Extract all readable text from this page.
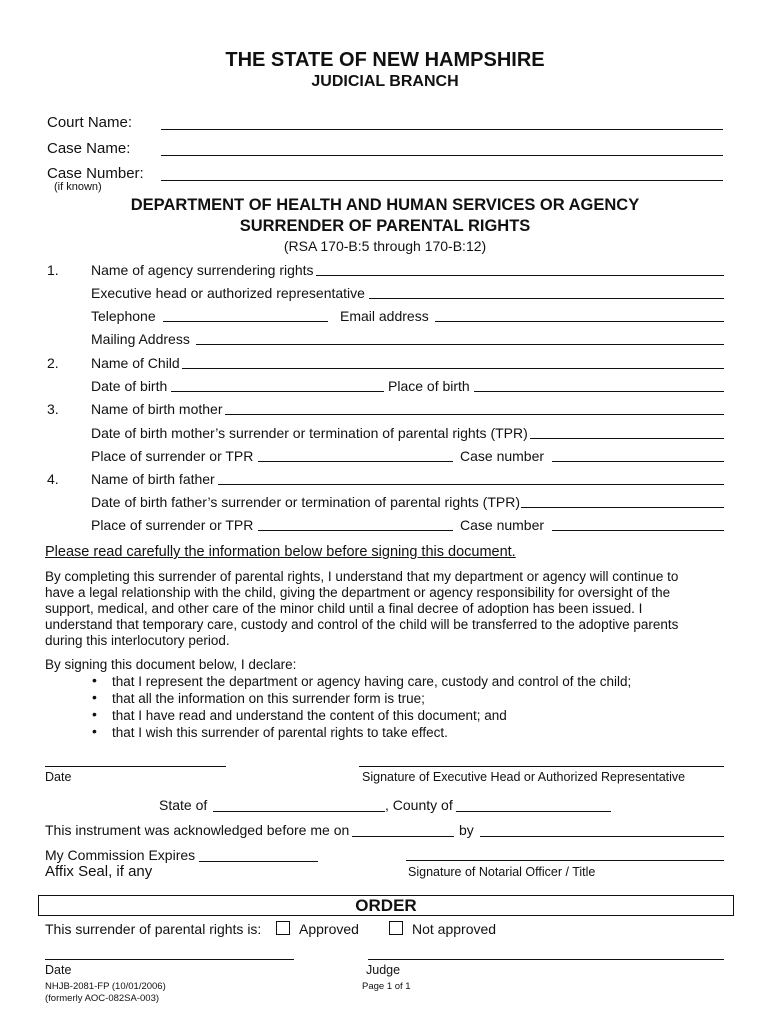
THE STATE OF NEW HAMPSHIRE
JUDICIAL BRANCH
Court Name:
Case Name:
Case Number:
(if known)
DEPARTMENT OF HEALTH AND HUMAN SERVICES OR AGENCY
SURRENDER OF PARENTAL RIGHTS
(RSA 170-B:5 through 170-B:12)
1. Name of agency surrendering rights
Executive head or authorized representative
Telephone	Email address
Mailing Address
2. Name of Child
Date of birth	Place of birth
3. Name of birth mother
Date of birth mother’s surrender or termination of parental rights (TPR)
Place of surrender or TPR	Case number
4. Name of birth father
Date of birth father’s surrender or termination of parental rights (TPR)
Place of surrender or TPR	Case number
Please read carefully the information below before signing this document.
By completing this surrender of parental rights, I understand that my department or agency will continue to
have a legal relationship with the child, giving the department or agency responsibility for oversight of the
support, medical, and other care of the minor child until a final decree of adoption has been issued. I
understand that temporary care, custody and control of the child will be transferred to the adoptive parents
during this interlocutory period.
By signing this document below, I declare:
• that I represent the department or agency having care, custody and control of the child;
• that all the information on this surrender form is true;
• that I have read and understand the content of this document; and
• that I wish this surrender of parental rights to take effect.
Date	Signature of Executive Head or Authorized Representative
State of	, County of
This instrument was acknowledged before me on	by
My Commission Expires
Affix Seal, if any	Signature of Notarial Officer / Title
ORDER
This surrender of parental rights is:	Approved	Not approved
Date	Judge
NHJB-2081-FP (10/01/2006)
(formerly AOC-082SA-003)
Page 1 of 1
